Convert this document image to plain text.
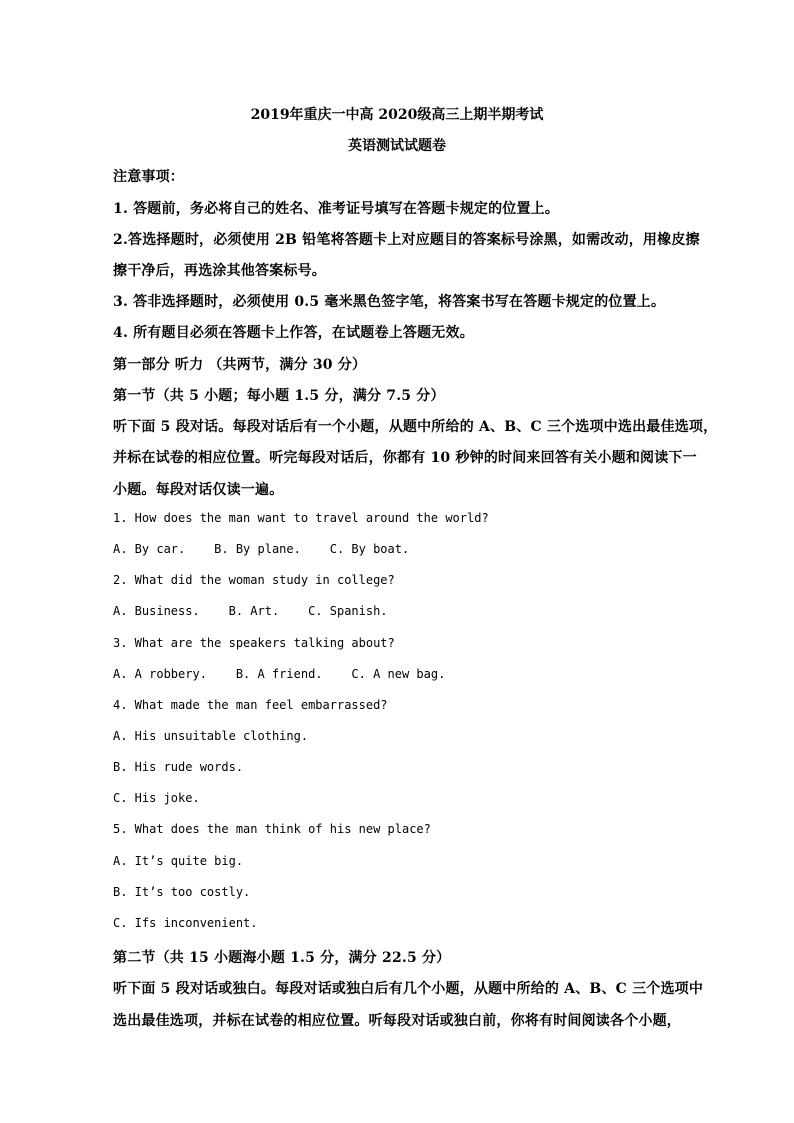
2019年重庆一中高 2020级高三上期半期考试
英语测试试题卷
注意事项：
1. 答题前，务必将自己的姓名、准考证号填写在答题卡规定的位置上。
2.答选择题时，必须使用 2B 铅笔将答题卡上对应题目的答案标号涂黑，如需改动，用橡皮擦
擦干净后，再选涂其他答案标号。
3. 答非选择题时，必须使用 0.5 毫米黑色签字笔，将答案书写在答题卡规定的位置上。
4. 所有题目必须在答题卡上作答，在试题卷上答题无效。
第一部分 听力 （共两节，满分 30 分）
第一节（共 5 小题；每小题 1.5 分，满分 7.5 分）
听下面 5 段对话。每段对话后有一个小题，从题中所给的 A、B、C 三个选项中选出最佳选项，
并标在试卷的相应位置。听完每段对话后，你都有 10 秒钟的时间来回答有关小题和阅读下一
小题。每段对话仅读一遍。
1. How does the man want to travel around the world?
A. By car.    B. By plane.    C. By boat.
2. What did the woman study in college?
A. Business.    B. Art.    C. Spanish.
3. What are the speakers talking about?
A. A robbery.    B. A friend.    C. A new bag.
4. What made the man feel embarrassed?
A. His unsuitable clothing.
B. His rude words.
C. His joke.
5. What does the man think of his new place?
A. It’s quite big.
B. It’s too costly.
C. Ifs inconvenient.
第二节（共 15 小题海小题 1.5 分，满分 22.5 分）
听下面 5 段对话或独白。每段对话或独白后有几个小题，从题中所给的 A、B、C 三个选项中
选出最佳选项，并标在试卷的相应位置。听每段对话或独白前，你将有时间阅读各个小题，
